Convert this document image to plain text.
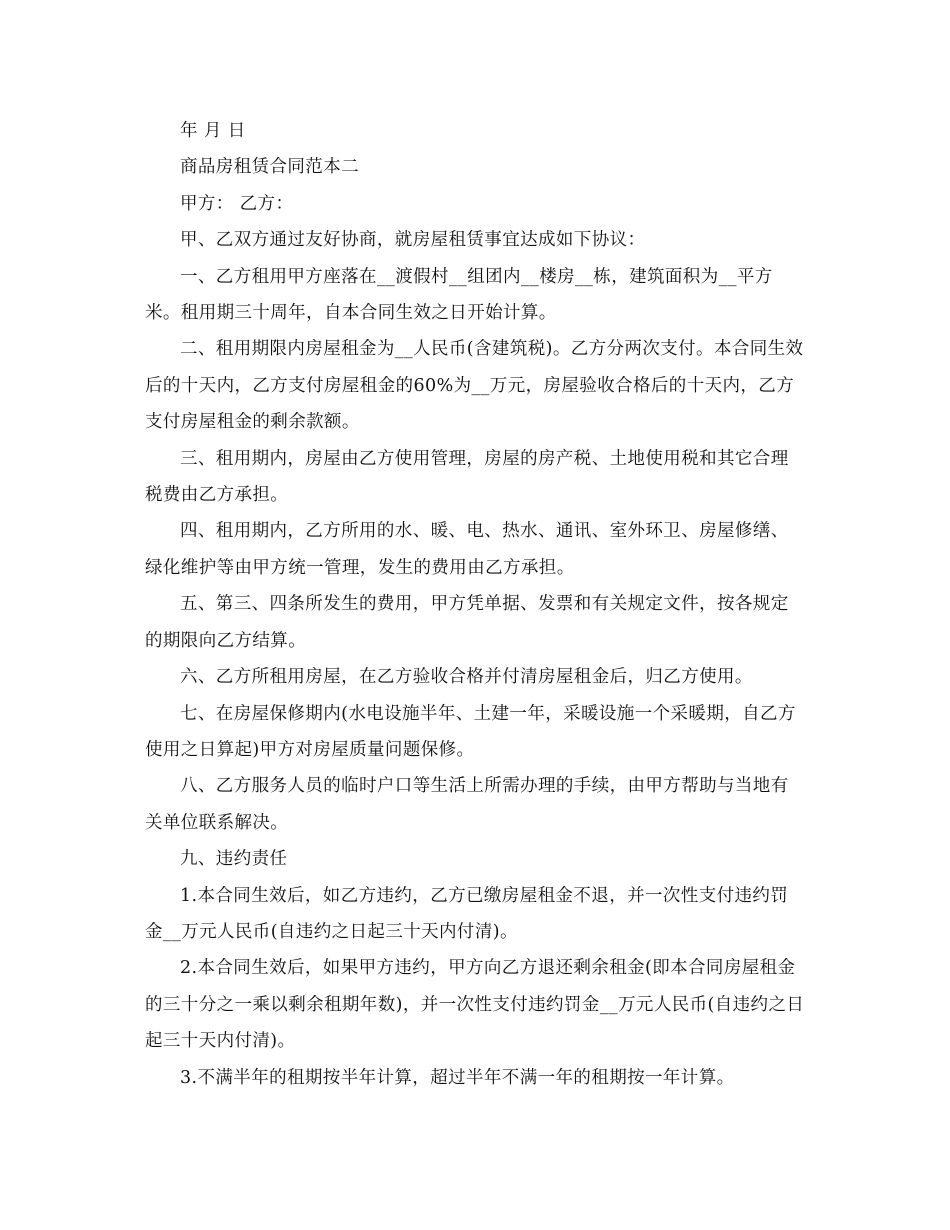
年 月 日

商品房租赁合同范本二

甲方： 乙方：

甲、乙双方通过友好协商，就房屋租赁事宜达成如下协议：

一、乙方租用甲方座落在__渡假村__组团内__楼房__栋，建筑面积为__平方米。租用期三十周年，自本合同生效之日开始计算。

二、租用期限内房屋租金为__人民币(含建筑税)。乙方分两次支付。本合同生效后的十天内，乙方支付房屋租金的60%为__万元，房屋验收合格后的十天内，乙方支付房屋租金的剩余款额。

三、租用期内，房屋由乙方使用管理，房屋的房产税、土地使用税和其它合理税费由乙方承担。

四、租用期内，乙方所用的水、暖、电、热水、通讯、室外环卫、房屋修缮、绿化维护等由甲方统一管理，发生的费用由乙方承担。

五、第三、四条所发生的费用，甲方凭单据、发票和有关规定文件，按各规定的期限向乙方结算。

六、乙方所租用房屋，在乙方验收合格并付清房屋租金后，归乙方使用。

七、在房屋保修期内(水电设施半年、土建一年，采暖设施一个采暖期，自乙方使用之日算起)甲方对房屋质量问题保修。

八、乙方服务人员的临时户口等生活上所需办理的手续，由甲方帮助与当地有关单位联系解决。

九、违约责任

1.本合同生效后，如乙方违约，乙方已缴房屋租金不退，并一次性支付违约罚金__万元人民币(自违约之日起三十天内付清)。

2.本合同生效后，如果甲方违约，甲方向乙方退还剩余租金(即本合同房屋租金的三十分之一乘以剩余租期年数)，并一次性支付违约罚金__万元人民币(自违约之日起三十天内付清)。

3.不满半年的租期按半年计算，超过半年不满一年的租期按一年计算。
